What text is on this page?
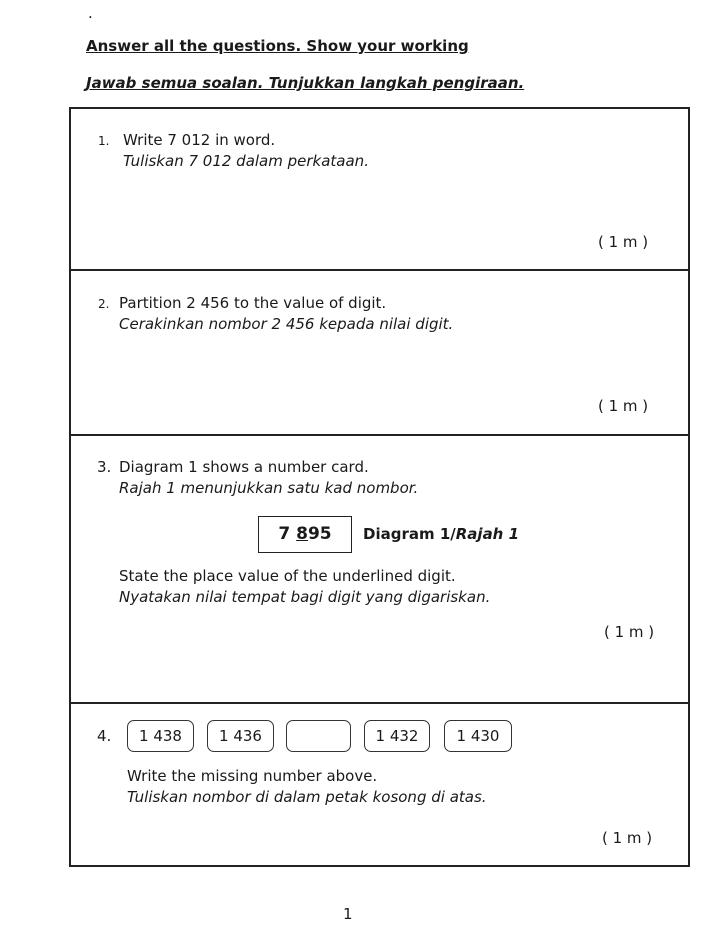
.
Answer all the questions. Show your working
Jawab semua soalan. Tunjukkan langkah pengiraan.
1. Write 7 012 in word.
Tuliskan 7 012 dalam perkataan.
( 1 m )
2. Partition 2 456 to the value of digit.
Cerakinkan nombor 2 456 kepada nilai digit.
( 1 m )
3. Diagram 1 shows a number card.
Rajah 1 menunjukkan satu kad nombor.
7 895	Diagram 1/Rajah 1
State the place value of the underlined digit.
Nyatakan nilai tempat bagi digit yang digariskan.
( 1 m )
4.	1 438	1 436	1 432	1 430
Write the missing number above.
Tuliskan nombor di dalam petak kosong di atas.
( 1 m )
1
